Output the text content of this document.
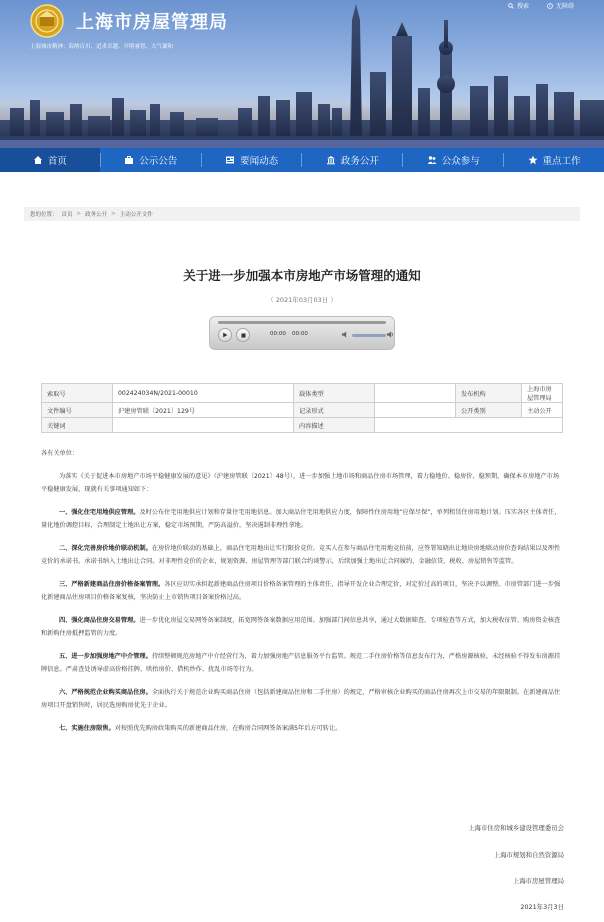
上海市房屋管理局
上海城市精神：海纳百川、追求卓越、开明睿智、大气谦和
搜索	无障碍
首页	公示公告	要闻动态	政务公开	公众参与	重点工作
您的位置： 首页 > 政务公开 > 主动公开文件
关于进一步加强本市房地产市场管理的通知
（ 2021年03月03日 ）
00:00 00:00
索取号	002424034N/2021-00010	载体类型		发布机构	上海市房屋管理局
文件编号	沪建房管联〔2021〕129号	记录形式		公开类别	主动公开
关键词		内容描述			

各有关单位：

为落实《关于促进本市房地产市场平稳健康发展的意见》（沪建房管联〔2021〕48号），进一步加强土地市场和商品住房市场管理，着力稳地价、稳房价、稳预期，确保本市房地产市场平稳健康发展，现就有关事项通知如下：

一、强化住宅用地供应管理。及时公布住宅用地供应计划和存量住宅用地信息。加大商品住宅用地供应力度，保障性住房用地“应保尽保”，单列租赁住房用地计划。压实各区主体责任，量化地价调控目标，合理制定土地出让方案，稳定市场预期，严防高溢价，坚决遏制非理性拿地。

二、深化完善房价地价联动机制。在房价地价联动的基础上，商品住宅用地出让实行限价竞价。竞买人在参与商品住宅用地竞拍前，应签署知晓出让地块房地联动房价查询结果以及理性竞价的承诺书。承诺书纳入土地出让合同。对非理性竞价的企业，规划资源、房屋管理等部门联合约谈警示，后续加强土地出让合同履约、金融信贷、税收、房屋销售等监管。

三、严格新建商品住房价格备案管理。各区应切实承担起新建商品住房项目价格备案管理的主体责任，指导开发企业合理定价，对定价过高的项目，坚决予以调整。市房管部门进一步强化新建商品住房项目价格备案复核，坚决防止上市销售项目备案价格过高。

四、强化商品住房交易管理。进一步优化房屋交易网签备案制度，拓宽网签备案数据应用范围。加强部门间信息共享，通过大数据筛查、专项检查等方式，加大税收征管、购房资金核查和新购住房抵押监管的力度。

五、进一步加强房地产中介管理。持续整顿规范房地产中介经营行为，着力加强房地产信息服务平台监管。规范二手住房价格等信息发布行为，严格房源核验，未经核验不得发布房源挂牌信息。严肃查处诱导虚高价格挂牌、哄抬房价、借机炒作、扰乱市场等行为。

六、严格规范企业购买商品住房。全面执行关于规范企业购买商品住房（包括新建商品住房和二手住房）的规定，严格审核企业购买的商品住房再次上市交易的年限限制。在新建商品住房项目开盘销售时，居民选房购房优先于企业。

七、实施住房限售。对按照优先购房政策购买的新建商品住房，在购房合同网签备案满5年后方可转让。

上海市住房和城乡建设管理委员会
上海市规划和自然资源局
上海市房屋管理局
2021年3月3日
